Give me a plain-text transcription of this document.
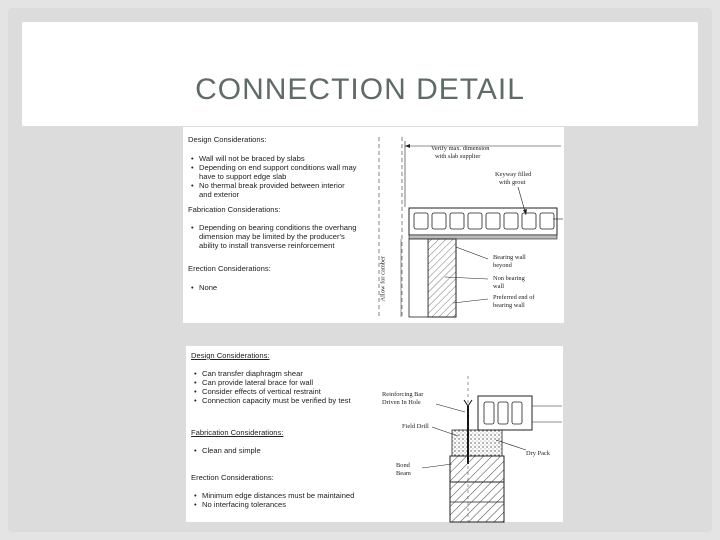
CONNECTION DETAIL
Design Considerations:
• Wall will not be braced by slabs
• Depending on end support conditions wall may
have to support edge slab
• No thermal break provided between interior
and exterior
Fabrication Considerations:
• Depending on bearing conditions the overhang
dimension may be limited by the producer's
ability to install transverse reinforcement
Erection Considerations:
• None
Verify max. dimension
with slab supplier
Keyway filled
with grout
Bearing wall
beyond
Non bearing
wall
Preferred end of
bearing wall
Allow for camber
Design Considerations:
• Can transfer diaphragm shear
• Can provide lateral brace for wall
• Consider effects of vertical restraint
• Connection capacity must be verified by test
Fabrication Considerations:
• Clean and simple
Erection Considerations:
• Minimum edge distances must be maintained
• No interfacing tolerances
Reinforcing Bar
Driven In Hole
Field Drill
Dry Pack
Bond
Beam
